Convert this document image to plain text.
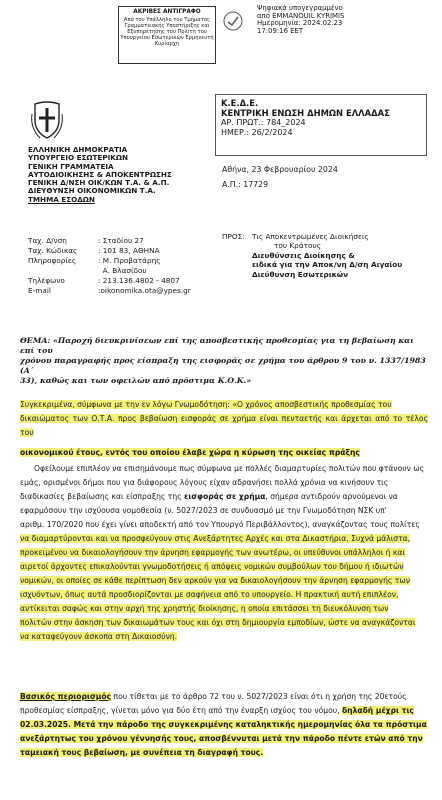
ΑΚΡΙΒΕΣ ΑΝΤΙΓΡΑΦΟ
Από τον Υπάλληλο του Τμήματος Γραμματειακής Υποστήριξης και Εξυπηρέτησης του Πολίτη του Υπουργείου Εσωτερικών Ερμηνευτή Κυρίαρχη
Ψηφιακά υπογεγραμμένο
από EMMANOUIL KYRIMIS
Ημερομηνία: 2024.02.23
17:09:16 EET
ΕΛΛΗΝΙΚΗ ΔΗΜΟΚΡΑΤΙΑ
ΥΠΟΥΡΓΕΙΟ ΕΣΩΤΕΡΙΚΩΝ
ΓΕΝΙΚΗ ΓΡΑΜΜΑΤΕΙΑ
ΑΥΤΟΔΙΟΙΚΗΣΗΣ & ΑΠΟΚΕΝΤΡΩΣΗΣ
ΓΕΝΙΚΗ Δ/ΝΣΗ ΟΙΚ/ΚΩΝ Τ.Α. & Α.Π.
ΔΙΕΥΘΥΝΣΗ ΟΙΚΟΝΟΜΙΚΩΝ Τ.Α.
ΤΜΗΜΑ ΕΣΟΔΩΝ
Κ.Ε.Δ.Ε.
ΚΕΝΤΡΙΚΗ ΕΝΩΣΗ ΔΗΜΩΝ ΕΛΛΑΔΑΣ
ΑΡ. ΠΡΩΤ.: 784_2024
ΗΜΕΡ.: 26/2/2024
Αθήνα, 23 Φεβρουαρίου 2024
Α.Π.: 17729
Ταχ. Δ/νση	: Σταδίου 27
Ταχ. Κώδικας	: 101 83, ΑΘΗΝΑ
Πληροφορίες	: Μ. Προβατάρης
Α. Βλασίδου
Τηλέφωνο	: 213.136.4802 - 4807
E-mail	:oikonomika.ota@ypes.gr
ΠΡΟΣ: Τις Αποκεντρωμένες Διοικήσεις
του Κράτους
Διευθύνσεις Διοίκησης &
ειδικά για την Αποκ/νη Δ/ση Αιγαίου
Διεύθυνση Εσωτερικών
ΘΕΜΑ: «Παροχή διευκρινίσεων επί της αποσβεστικής προθεσμίας για τη βεβαίωση και επί του
χρόνου παραγραφής προς είσπραξη της εισφοράς σε χρήμα του άρθρου 9 του ν. 1337/1983 (Α΄
33), καθώς και των οφειλών από πρόστιμα Κ.Ο.Κ.»
Συγκεκριμένα, σύμφωνα με την εν λόγω Γνωμοδότηση: «Ο χρόνος αποσβεστικής προθεσμίας του
δικαιώματος των Ο.Τ.Α. προς βεβαίωση εισφοράς σε χρήμα είναι πενταετής και άρχεται από το τέλος του
οικονομικού έτους, εντός του οποίου έλαβε χώρα η κύρωση της οικείας πράξης
Οφείλουμε επιπλέον να επισημάνουμε πως σύμφωνα με πολλές διαμαρτυρίες πολιτών που φτάνουν ως
εμάς, ορισμένοι δήμοι που για διάφορους λόγους είχαν αδρανήσει πολλά χρόνια να κινήσουν τις
διαδικασίες βεβαίωσης και είσπραξης της εισφοράς σε χρήμα, σήμερα αντιδρούν αρνούμενοι να
εφαρμόσουν την ισχύουσα νομοθεσία (ν. 5027/2023 σε συνδυασμό με την Γνωμοδότηση ΝΣΚ υπ'
αριθμ. 170/2020 που έχει γίνει αποδεκτή από τον Υπουργό Περιβάλλοντος), αναγκάζοντας τους πολίτες
να διαμαρτύρονται και να προσφεύγουν στις Ανεξάρτητες Αρχές και στα Δικαστήρια. Συχνά μάλιστα,
προκειμένου να δικαιολογήσουν την άρνηση εφαρμογής των ανωτέρω, οι υπεύθυνοι υπάλληλοι ή και
αιρετοί άρχοντες επικαλούνται γνωμοδοτήσεις ή απόψεις νομικών συμβούλων του δήμου ή ιδιωτών
νομικών, οι οποίες σε κάθε περίπτωση δεν αρκούν για να δικαιολογήσουν την άρνηση εφαρμογής των
ισχυόντων, όπως αυτά προσδιορίζονται με σαφήνεια από το υπουργείο. Η πρακτική αυτή επιπλέον,
αντίκειται σαφώς και στην αρχή της χρηστής διοίκησης, η οποία επιτάσσει τη διευκόλυνση των
πολιτών στην άσκηση των δικαιωμάτων τους και όχι στη δημιουργία εμποδίων, ώστε να αναγκάζονται
να καταφεύγουν άσκοπα στη Δικαιοσύνη.
Βασικός περιορισμός που τίθεται με το άρθρο 72 του ν. 5027/2023 είναι ότι η χρήση της 20ετούς
προθεσμίας είσπραξης, γίνεται μόνο για δύο έτη από την έναρξη ισχύος του νόμου, δηλαδή μέχρι τις
02.03.2025. Μετά την πάροδο της συγκεκριμένης καταληκτικής ημερομηνίας όλα τα πρόστιμα
ανεξάρτητως του χρόνου γέννησής τους, αποσβέννυται μετά την πάροδο πέντε ετών από την
ταμειακή τους βεβαίωση, με συνέπεια τη διαγραφή τους.
